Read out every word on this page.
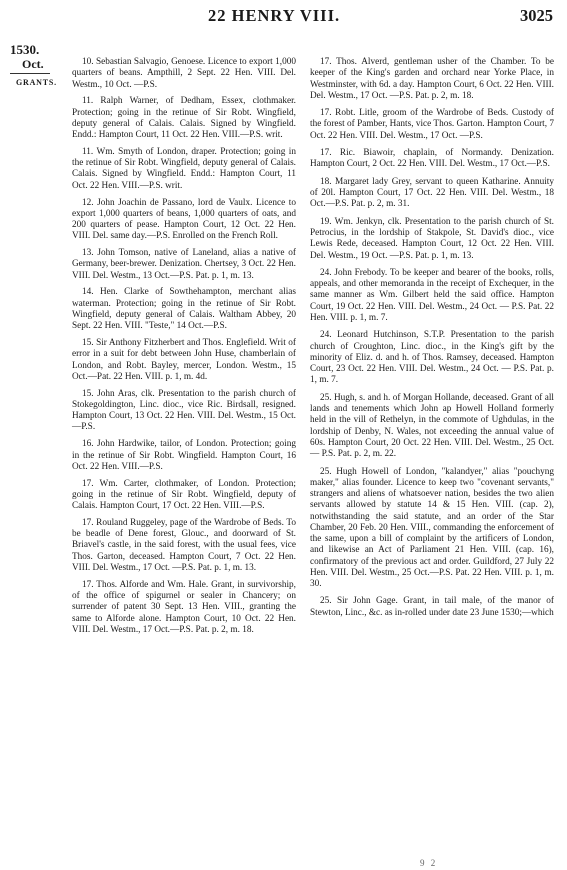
22 HENRY VIII.	3025
1530.
Oct.
GRANTS.

10. Sebastian Salvagio, Genoese. Licence to export 1,000 quarters of beans. Ampthill, 2 Sept. 22 Hen. VIII. Del. Westm., 10 Oct. —P.S.

11. Ralph Warner, of Dedham, Essex, clothmaker. Protection; going in the retinue of Sir Robt. Wingfield, deputy general of Calais. Calais. Signed by Wingfield. Endd.: Hampton Court, 11 Oct. 22 Hen. VIII.—P.S. writ.

11. Wm. Smyth of London, draper. Protection; going in the retinue of Sir Robt. Wingfield, deputy general of Calais. Calais. Signed by Wingfield. Endd.: Hampton Court, 11 Oct. 22 Hen. VIII.—P.S. writ.

12. John Joachin de Passano, lord de Vaulx. Licence to export 1,000 quarters of beans, 1,000 quarters of oats, and 200 quarters of pease. Hampton Court, 12 Oct. 22 Hen. VIII. Del. same day.—P.S. Enrolled on the French Roll.

13. John Tomson, native of Laneland, alias a native of Germany, beer-brewer. Denization. Chertsey, 3 Oct. 22 Hen. VIII. Del. Westm., 13 Oct.—P.S. Pat. p. 1, m. 13.

14. Hen. Clarke of Sowthehampton, merchant alias waterman. Protection; going in the retinue of Sir Robt. Wingfield, deputy general of Calais. Waltham Abbey, 20 Sept. 22 Hen. VIII. "Teste," 14 Oct.—P.S.

15. Sir Anthony Fitzherbert and Thos. Englefield. Writ of error in a suit for debt between John Huse, chamberlain of London, and Robt. Bayley, mercer, London. Westm., 15 Oct.—Pat. 22 Hen. VIII. p. 1, m. 4d.

15. John Aras, clk. Presentation to the parish church of Stokegoldington, Linc. dioc., vice Ric. Birdsall, resigned. Hampton Court, 13 Oct. 22 Hen. VIII. Del. Westm., 15 Oct.—P.S.

16. John Hardwike, tailor, of London. Protection; going in the retinue of Sir Robt. Wingfield. Hampton Court, 16 Oct. 22 Hen. VIII.—P.S.

17. Wm. Carter, clothmaker, of London. Protection; going in the retinue of Sir Robt. Wingfield, deputy of Calais. Hampton Court, 17 Oct. 22 Hen. VIII.—P.S.

17. Rouland Ruggeley, page of the Wardrobe of Beds. To be beadle of Dene forest, Glouc., and doorward of St. Briavel's castle, in the said forest, with the usual fees, vice Thos. Garton, deceased. Hampton Court, 7 Oct. 22 Hen. VIII. Del. Westm., 17 Oct. —P.S. Pat. p. 1, m. 13.

17. Thos. Alforde and Wm. Hale. Grant, in survivorship, of the office of spigurnel or sealer in Chancery; on surrender of patent 30 Sept. 13 Hen. VIII., granting the same to Alforde alone. Hampton Court, 10 Oct. 22 Hen. VIII. Del. Westm., 17 Oct.—P.S. Pat. p. 2, m. 18.

17. Thos. Alverd, gentleman usher of the Chamber. To be keeper of the King's garden and orchard near Yorke Place, in Westminster, with 6d. a day. Hampton Court, 6 Oct. 22 Hen. VIII. Del. Westm., 17 Oct. —P.S. Pat. p. 2, m. 18.

17. Robt. Litle, groom of the Wardrobe of Beds. Custody of the forest of Pamber, Hants, vice Thos. Garton. Hampton Court, 7 Oct. 22 Hen. VIII. Del. Westm., 17 Oct. —P.S.

17. Ric. Biawoir, chaplain, of Normandy. Denization. Hampton Court, 2 Oct. 22 Hen. VIII. Del. Westm., 17 Oct.—P.S.

18. Margaret lady Grey, servant to queen Katharine. Annuity of 20l. Hampton Court, 17 Oct. 22 Hen. VIII. Del. Westm., 18 Oct.—P.S. Pat. p. 2, m. 31.

19. Wm. Jenkyn, clk. Presentation to the parish church of St. Petrocius, in the lordship of Stakpole, St. David's dioc., vice Lewis Rede, deceased. Hampton Court, 12 Oct. 22 Hen. VIII. Del. Westm., 19 Oct. —P.S. Pat. p. 1, m. 13.

24. John Frebody. To be keeper and bearer of the books, rolls, appeals, and other memoranda in the receipt of Exchequer, in the same manner as Wm. Gilbert held the said office. Hampton Court, 19 Oct. 22 Hen. VIII. Del. Westm., 24 Oct. — P.S. Pat. 22 Hen. VIII. p. 1, m. 7.

24. Leonard Hutchinson, S.T.P. Presentation to the parish church of Croughton, Linc. dioc., in the King's gift by the minority of Eliz. d. and h. of Thos. Ramsey, deceased. Hampton Court, 23 Oct. 22 Hen. VIII. Del. Westm., 24 Oct. — P.S. Pat. p. 1, m. 7.

25. Hugh, s. and h. of Morgan Hollande, deceased. Grant of all lands and tenements which John ap Howell Holland formerly held in the vill of Rethelyn, in the commote of Ughdulas, in the lordship of Denby, N. Wales, not exceeding the annual value of 60s. Hampton Court, 20 Oct. 22 Hen. VIII. Del. Westm., 25 Oct. — P.S. Pat. p. 2, m. 22.

25. Hugh Howell of London, "kalandyer," alias "pouchyng maker," alias founder. Licence to keep two "covenant servants," strangers and aliens of whatsoever nation, besides the two alien servants allowed by statute 14 & 15 Hen. VIII. (cap. 2), notwithstanding the said statute, and an order of the Star Chamber, 20 Feb. 20 Hen. VIII., commanding the enforcement of the same, upon a bill of complaint by the artificers of London, and likewise an Act of Parliament 21 Hen. VIII. (cap. 16), confirmatory of the previous act and order. Guildford, 27 July 22 Hen. VIII. Del. Westm., 25 Oct.—P.S. Pat. 22 Hen. VIII. p. 1, m. 30.

25. Sir John Gage. Grant, in tail male, of the manor of Stewton, Linc., &c. as in-rolled under date 23 June 1530;—which

9 2
